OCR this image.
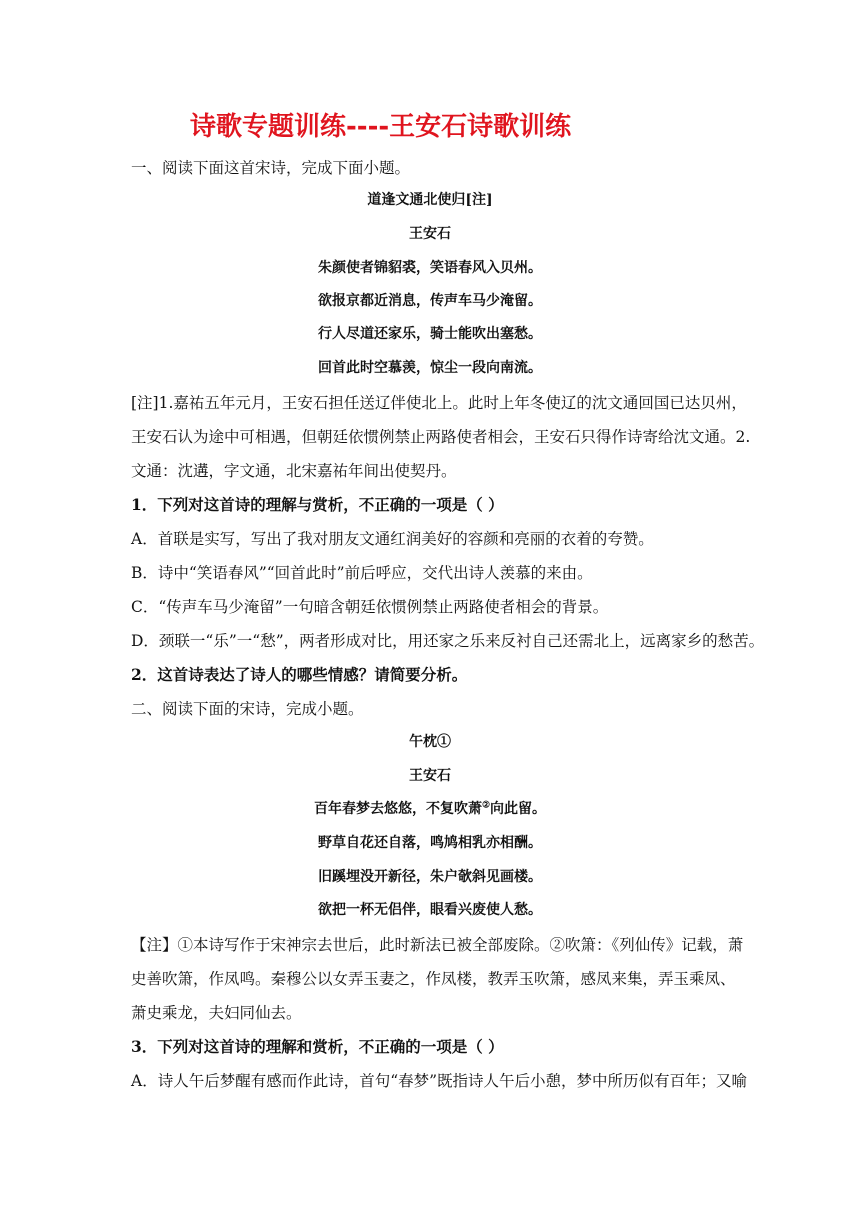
诗歌专题训练----王安石诗歌训练
一、阅读下面这首宋诗，完成下面小题。
道逢文通北使归[注]
王安石
朱颜使者锦貂裘，笑语春风入贝州。
欲报京都近消息，传声车马少淹留。
行人尽道还家乐，骑士能吹出塞愁。
回首此时空慕羡，惊尘一段向南流。
[注]1.嘉祐五年元月，王安石担任送辽伴使北上。此时上年冬使辽的沈文通回国已达贝州，
王安石认为途中可相遇，但朝廷依惯例禁止两路使者相会，王安石只得作诗寄给沈文通。2.
文通：沈遘，字文通，北宋嘉祐年间出使契丹。
1．下列对这首诗的理解与赏析，不正确的一项是（ ）
A．首联是实写，写出了我对朋友文通红润美好的容颜和亮丽的衣着的夸赞。
B．诗中“笑语春风”“回首此时”前后呼应，交代出诗人羡慕的来由。
C．“传声车马少淹留”一句暗含朝廷依惯例禁止两路使者相会的背景。
D．颈联一“乐”一“愁”，两者形成对比，用还家之乐来反衬自己还需北上，远离家乡的愁苦。
2．这首诗表达了诗人的哪些情感？请简要分析。
二、阅读下面的宋诗，完成小题。
午枕①
王安石
百年春梦去悠悠，不复吹萧②向此留。
野草自花还自落，鸣鸠相乳亦相酬。
旧蹊埋没开新径，朱户欹斜见画楼。
欲把一杯无侣伴，眼看兴废使人愁。
【注】①本诗写作于宋神宗去世后，此时新法已被全部废除。②吹箫：《列仙传》记载，萧
史善吹箫，作凤鸣。秦穆公以女弄玉妻之，作凤楼，教弄玉吹箫，感凤来集，弄玉乘凤、
萧史乘龙，夫妇同仙去。
3．下列对这首诗的理解和赏析，不正确的一项是（ ）
A．诗人午后梦醒有感而作此诗，首句“春梦”既指诗人午后小憩，梦中所历似有百年；又喻
